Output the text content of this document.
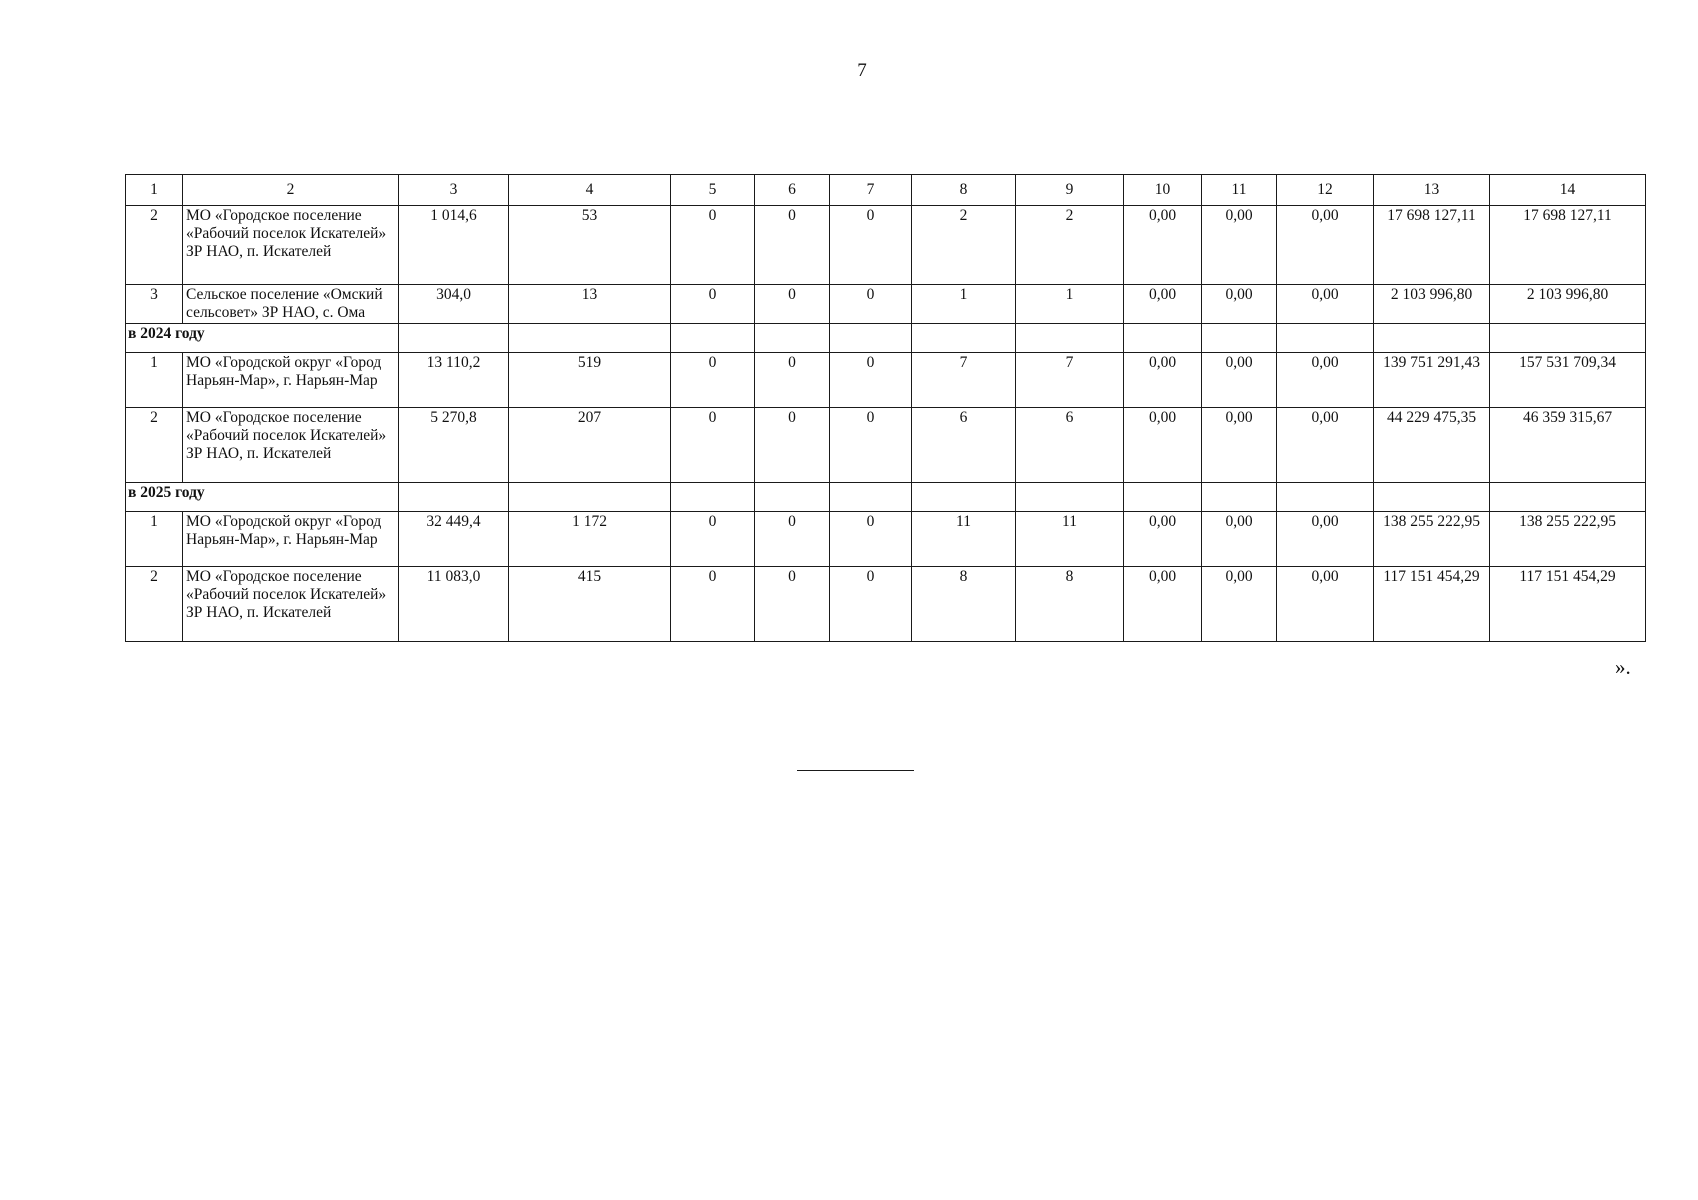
7
1	2	3	4	5	6	7	8	9	10	11	12	13	14
2	МО «Городское поселение «Рабочий поселок Искателей» ЗР НАО, п. Искателей	1 014,6	53	0	0	0	2	2	0,00	0,00	0,00	17 698 127,11	17 698 127,11
3	Сельское поселение «Омский сельсовет» ЗР НАО, с. Ома	304,0	13	0	0	0	1	1	0,00	0,00	0,00	2 103 996,80	2 103 996,80
в 2024 году													
1	МО «Городской округ «Город Нарьян-Мар», г. Нарьян-Мар	13 110,2	519	0	0	0	7	7	0,00	0,00	0,00	139 751 291,43	157 531 709,34
2	МО «Городское поселение «Рабочий поселок Искателей» ЗР НАО, п. Искателей	5 270,8	207	0	0	0	6	6	0,00	0,00	0,00	44 229 475,35	46 359 315,67
в 2025 году													
1	МО «Городской округ «Город Нарьян-Мар», г. Нарьян-Мар	32 449,4	1 172	0	0	0	11	11	0,00	0,00	0,00	138 255 222,95	138 255 222,95
2	МО «Городское поселение «Рабочий поселок Искателей» ЗР НАО, п. Искателей	11 083,0	415	0	0	0	8	8	0,00	0,00	0,00	117 151 454,29	117 151 454,29
».
